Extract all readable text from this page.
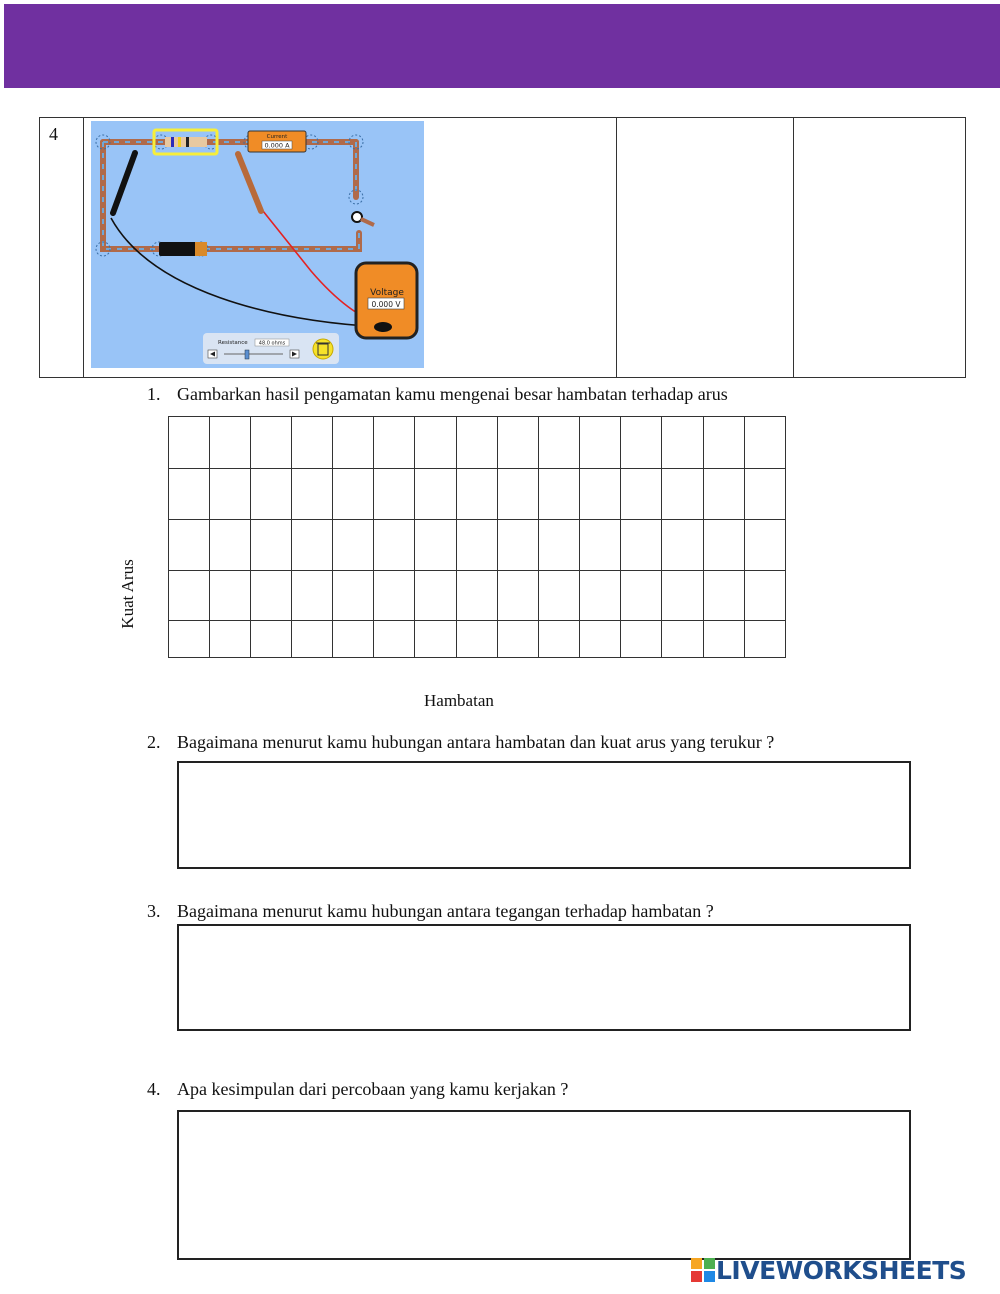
4	Current
0.000 A
Voltage
0.000 V
Resistance 48.0 ohms
1. Gambarkan hasil pengamatan kamu mengenai besar hambatan terhadap arus
Kuat Arus
Hambatan
2. Bagaimana menurut kamu hubungan antara hambatan dan kuat arus yang terukur ?
3. Bagaimana menurut kamu hubungan antara tegangan terhadap hambatan ?
4. Apa kesimpulan dari percobaan yang kamu kerjakan ?
LIVEWORKSHEETS
